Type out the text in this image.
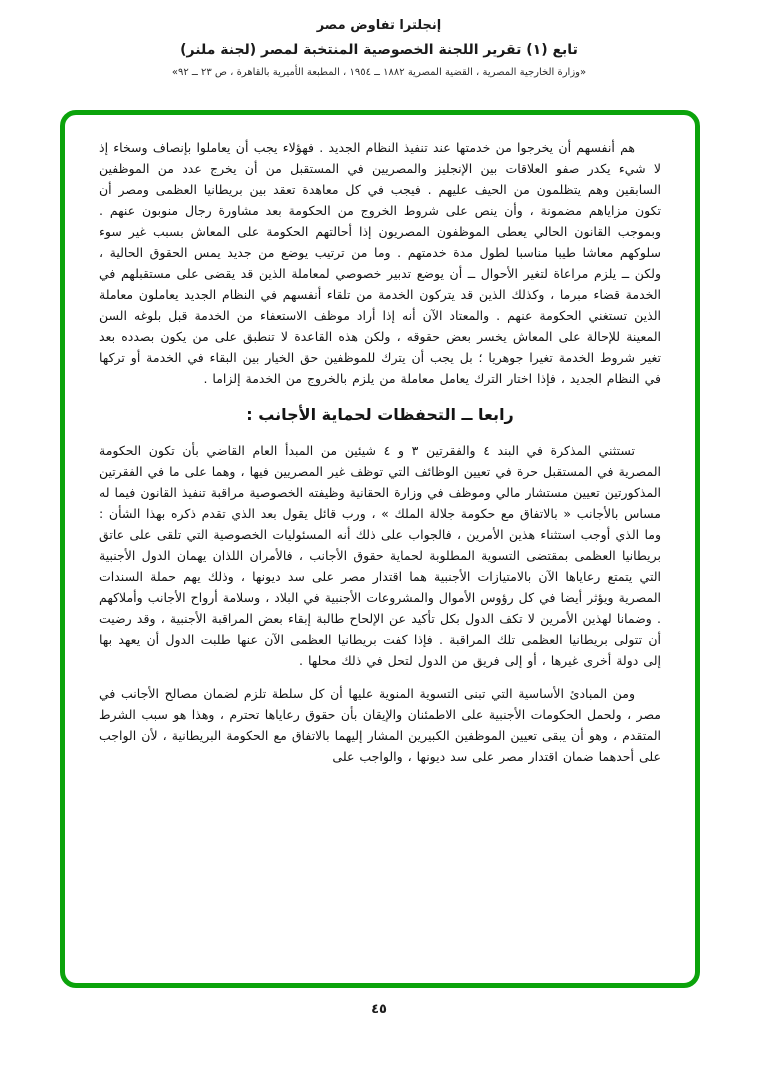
إنجلترا تفاوض مصر
تابع (١) تقرير اللجنة الخصوصية المنتخبة لمصر (لجنة ملنر)
«وزارة الخارجية المصرية ، القضية المصرية ١٨٨٢ ــ ١٩٥٤ ، المطبعة الأميرية بالقاهرة ، ص ٢٣ ــ ٩٢»

هم أنفسهم أن يخرجوا من خدمتها عند تنفيذ النظام الجديد . فهؤلاء يجب أن يعاملوا بإنصاف وسخاء إذ لا شيء يكدر صفو العلاقات بين الإنجليز والمصريين في المستقبل من أن يخرج عدد من الموظفين السابقين وهم يتظلمون من الحيف عليهم . فيجب في كل معاهدة تعقد بين بريطانيا العظمى ومصر أن تكون مزاياهم مضمونة ، وأن ينص على شروط الخروج من الحكومة بعد مشاورة رجال منوبون عنهم . وبموجب القانون الحالي يعطى الموظفون المصريون إذا أحالتهم الحكومة على المعاش بسبب غير سوء سلوكهم معاشا طيبا مناسبا لطول مدة خدمتهم . وما من ترتيب يوضع من جديد يمس الحقوق الحالية ، ولكن ــ يلزم مراعاة لتغير الأحوال ــ أن يوضع تدبير خصوصي لمعاملة الذين قد يقضى على مستقبلهم في الخدمة قضاء مبرما ، وكذلك الذين قد يتركون الخدمة من تلقاء أنفسهم في النظام الجديد يعاملون معاملة الذين تستغني الحكومة عنهم . والمعتاد الآن أنه إذا أراد موظف الاستعفاء من الخدمة قبل بلوغه السن المعينة للإحالة على المعاش يخسر بعض حقوقه ، ولكن هذه القاعدة لا تنطبق على من يكون بصدده بعد تغير شروط الخدمة تغيرا جوهريا ؛ بل يجب أن يترك للموظفين حق الخيار بين البقاء في الخدمة أو تركها في النظام الجديد ، فإذا اختار الترك يعامل معاملة من يلزم بالخروج من الخدمة إلزاما .

رابعا ــ التحفظات لحماية الأجانب :

تستثني المذكرة في البند ٤ والفقرتين ٣ و ٤ شيئين من المبدأ العام القاضي بأن تكون الحكومة المصرية في المستقبل حرة في تعيين الوظائف التي توظف غير المصريين فيها ، وهما على ما في الفقرتين المذكورتين تعيين مستشار مالي وموظف في وزارة الحقانية وظيفته الخصوصية مراقبة تنفيذ القانون فيما له مساس بالأجانب « بالاتفاق مع حكومة جلالة الملك » ، ورب قائل يقول بعد الذي تقدم ذكره بهذا الشأن : وما الذي أوجب استثناء هذين الأمرين ، فالجواب على ذلك أنه المسئوليات الخصوصية التي تلقى على عاتق بريطانيا العظمى بمقتضى التسوية المطلوبة لحماية حقوق الأجانب ، فالأمران اللذان يهمان الدول الأجنبية التي يتمتع رعاياها الآن بالامتيازات الأجنبية هما اقتدار مصر على سد ديونها ، وذلك يهم حملة السندات المصرية ويؤثر أيضا في كل رؤوس الأموال والمشروعات الأجنبية في البلاد ، وسلامة أرواح الأجانب وأملاكهم . وضمانا لهذين الأمرين لا تكف الدول بكل تأكيد عن الإلحاح طالبة إبقاء بعض المراقبة الأجنبية ، وقد رضيت أن تتولى بريطانيا العظمى تلك المراقبة . فإذا كفت بريطانيا العظمى الآن عنها طلبت الدول أن يعهد بها إلى دولة أخرى غيرها ، أو إلى فريق من الدول لتحل في ذلك محلها .

ومن المبادئ الأساسية التي تبنى التسوية المنوية عليها أن كل سلطة تلزم لضمان مصالح الأجانب في مصر ، ولحمل الحكومات الأجنبية على الاطمئنان والإيقان بأن حقوق رعاياها تحترم ، وهذا هو سبب الشرط المتقدم ، وهو أن يبقى تعيين الموظفين الكبيرين المشار إليهما بالاتفاق مع الحكومة البريطانية ، لأن الواجب على أحدهما ضمان اقتدار مصر على سد ديونها ، والواجب على

٤٥
